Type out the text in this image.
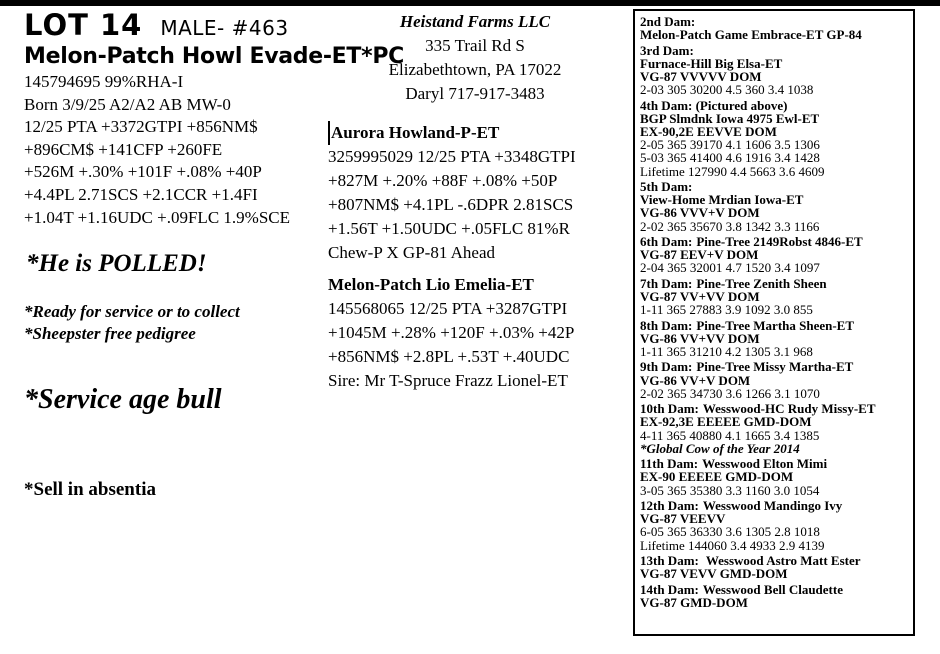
LOT 14 MALE- #463
Melon-Patch Howl Evade-ET*PC
145794695 99%RHA-I
Born 3/9/25 A2/A2 AB MW-0
12/25 PTA +3372GTPI +856NM$
+896CM$ +141CFP +260FE
+526M +.30% +101F +.08% +40P
+4.4PL 2.71SCS +2.1CCR +1.4FI
+1.04T +1.16UDC +.09FLC 1.9%SCE
*He is POLLED!
*Ready for service or to collect
*Sheepster free pedigree
*Service age bull
*Sell in absentia
Heistand Farms LLC
335 Trail Rd S
Elizabethtown, PA 17022
Daryl 717-917-3483
Aurora Howland-P-ET
3259995029 12/25 PTA +3348GTPI
+827M +.20% +88F +.08% +50P
+807NM$ +4.1PL -.6DPR 2.81SCS
+1.56T +1.50UDC +.05FLC 81%R
Chew-P X GP-81 Ahead
Melon-Patch Lio Emelia-ET
145568065 12/25 PTA +3287GTPI
+1045M +.28% +120F +.03% +42P
+856NM$ +2.8PL +.53T +.40UDC
Sire: Mr T-Spruce Frazz Lionel-ET
2nd Dam:
Melon-Patch Game Embrace-ET GP-84
3rd Dam:
Furnace-Hill Big Elsa-ET
VG-87 VVVVV DOM
2-03 305 30200 4.5 360 3.4 1038
4th Dam: (Pictured above)
BGP Slmdnk Iowa 4975 Ewl-ET
EX-90,2E EEVVE DOM
2-05 365 39170 4.1 1606 3.5 1306
5-03 365 41400 4.6 1916 3.4 1428
Lifetime 127990 4.4 5663 3.6 4609
5th Dam:
View-Home Mrdian Iowa-ET
VG-86 VVV+V DOM
2-02 365 35670 3.8 1342 3.3 1166
6th Dam: Pine-Tree 2149Robst 4846-ET
VG-87 EEV+V DOM
2-04 365 32001 4.7 1520 3.4 1097
7th Dam: Pine-Tree Zenith Sheen
VG-87 VV+VV DOM
1-11 365 27883 3.9 1092 3.0 855
8th Dam: Pine-Tree Martha Sheen-ET
VG-86 VV+VV DOM
1-11 365 31210 4.2 1305 3.1 968
9th Dam: Pine-Tree Missy Martha-ET
VG-86 VV+V DOM
2-02 365 34730 3.6 1266 3.1 1070
10th Dam: Wesswood-HC Rudy Missy-ET
EX-92,3E EEEEE GMD-DOM
4-11 365 40880 4.1 1665 3.4 1385
*Global Cow of the Year 2014
11th Dam: Wesswood Elton Mimi
EX-90 EEEEE GMD-DOM
3-05 365 35380 3.3 1160 3.0 1054
12th Dam: Wesswood Mandingo Ivy
VG-87 VEEVV
6-05 365 36330 3.6 1305 2.8 1018
Lifetime 144060 3.4 4933 2.9 4139
13th Dam: Wesswood Astro Matt Ester
VG-87 VEVV GMD-DOM
14th Dam: Wesswood Bell Claudette
VG-87 GMD-DOM
